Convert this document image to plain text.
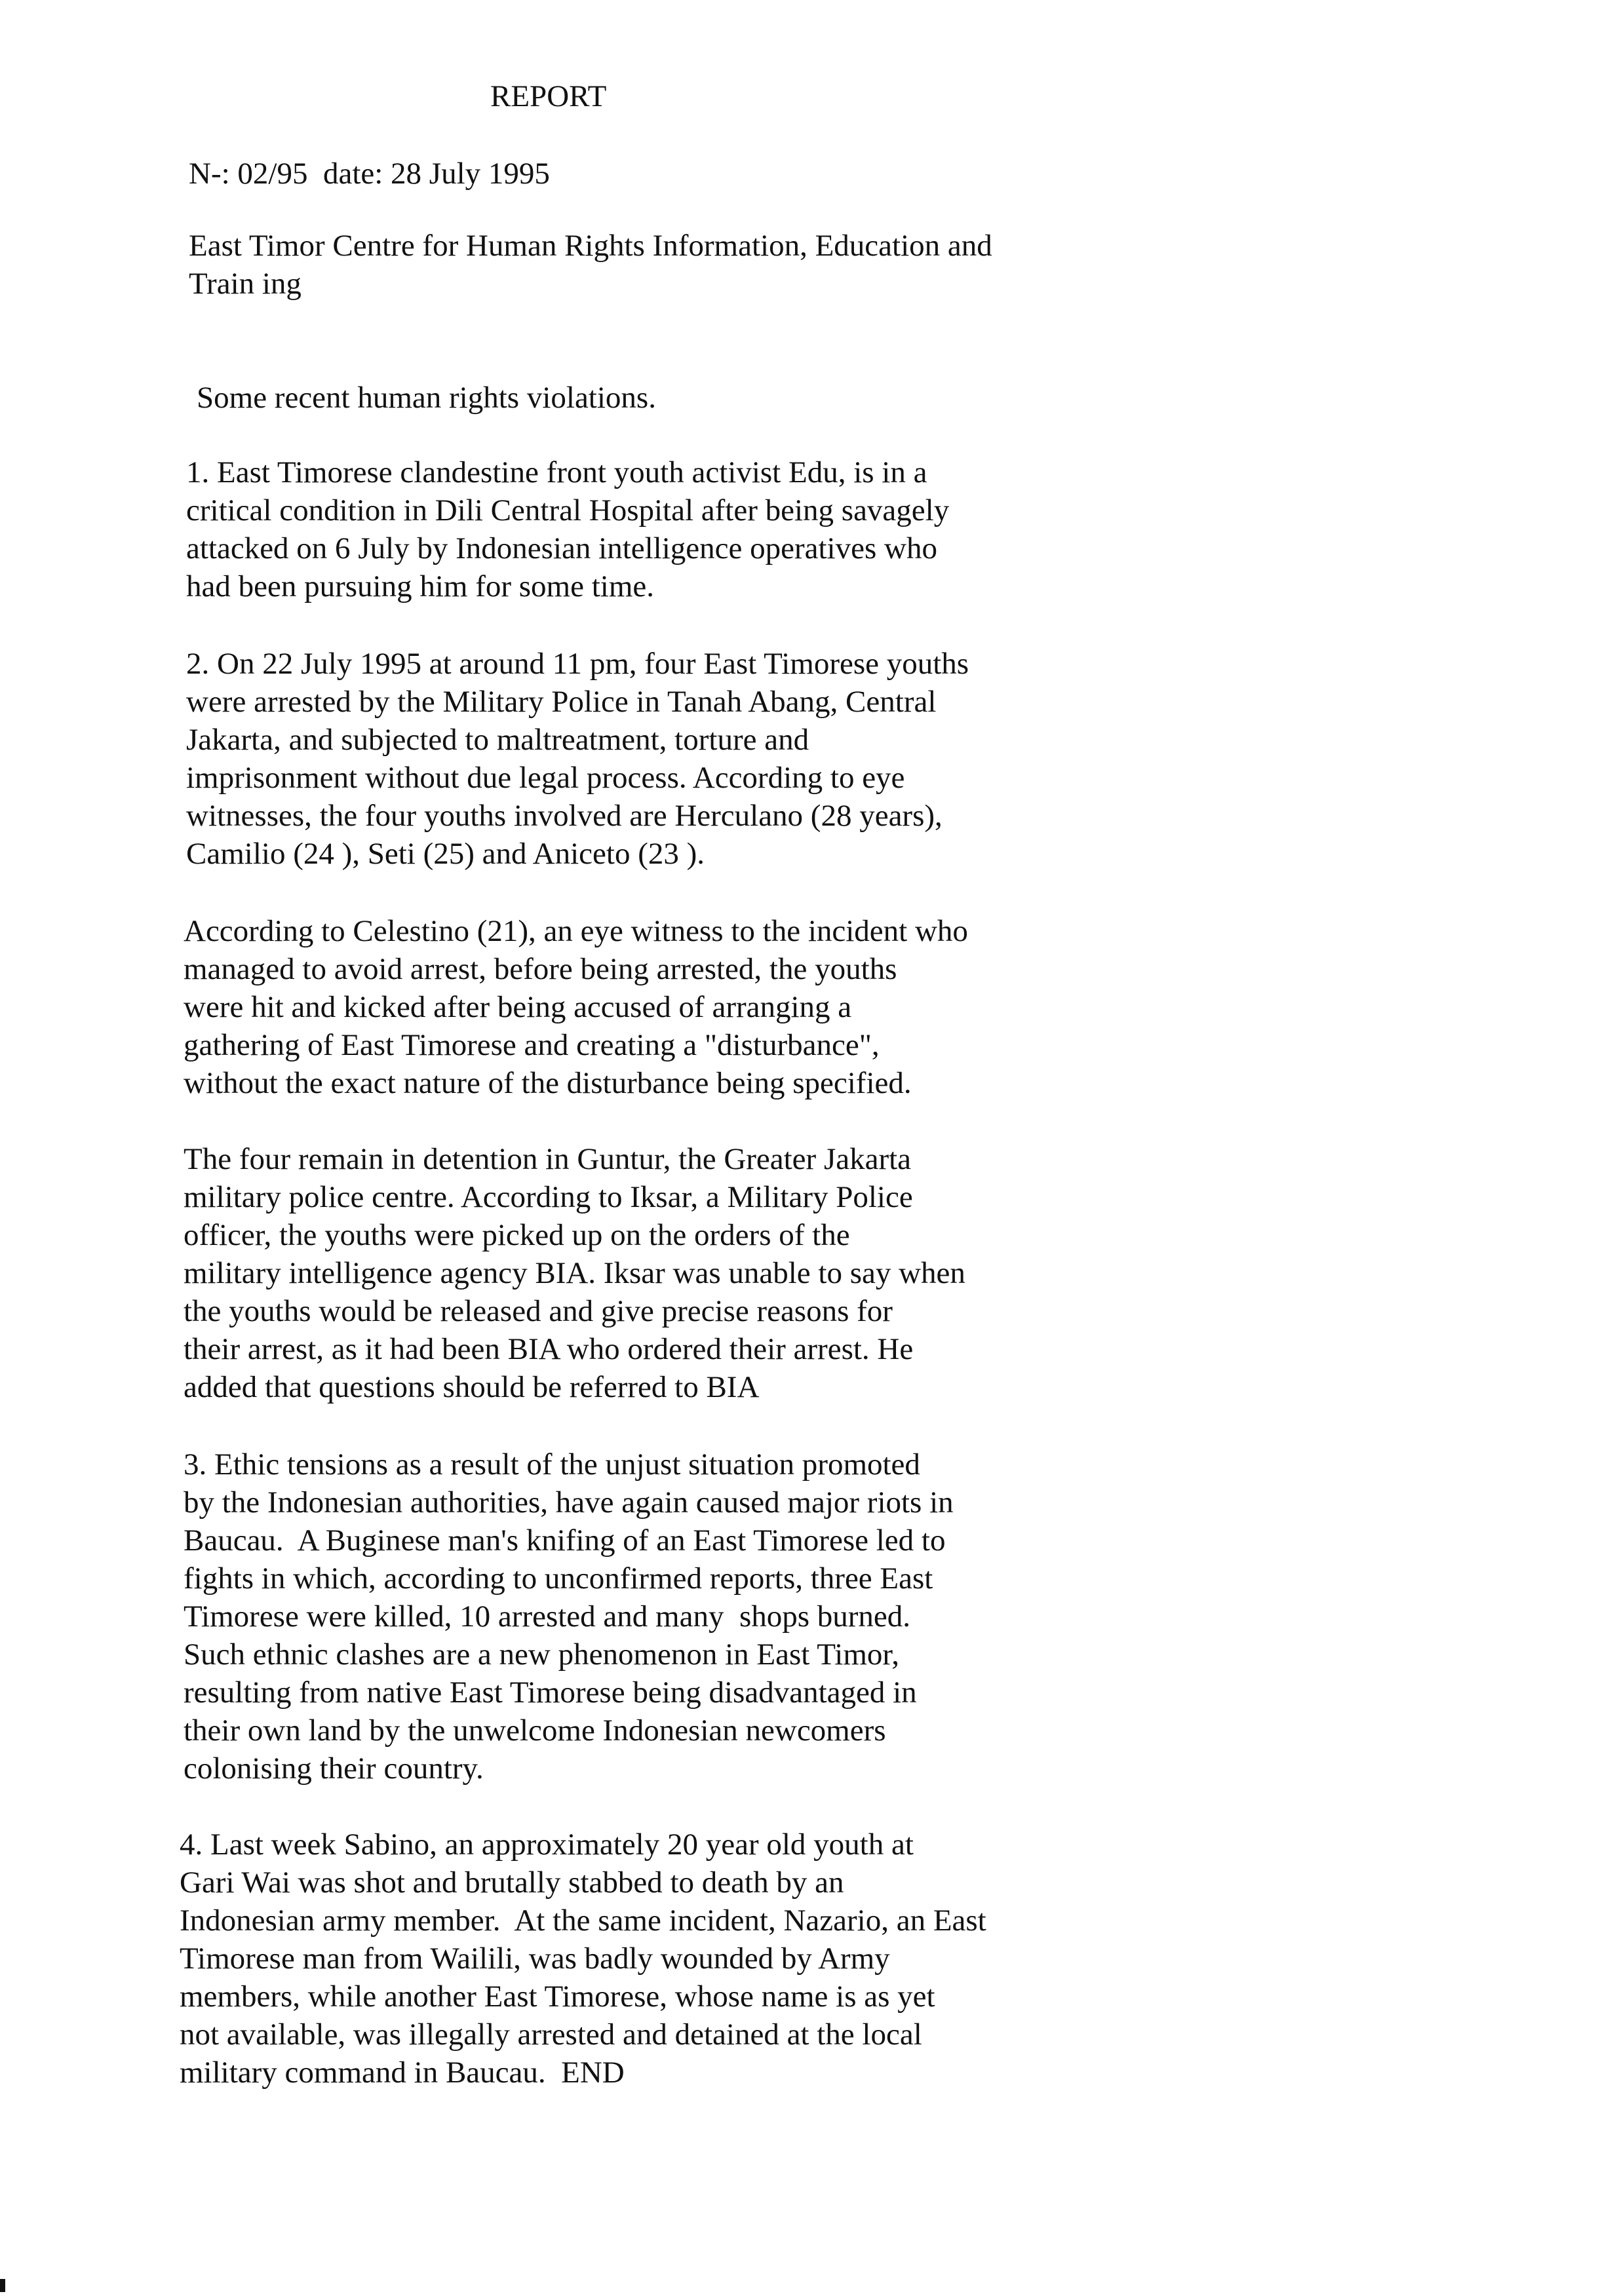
REPORT

N-: 02/95  date: 28 July 1995

East Timor Centre for Human Rights Information, Education and
Train ing

Some recent human rights violations.

1. East Timorese clandestine front youth activist Edu, is in a
critical condition in Dili Central Hospital after being savagely
attacked on 6 July by Indonesian intelligence operatives who
had been pursuing him for some time.

2. On 22 July 1995 at around 11 pm, four East Timorese youths
were arrested by the Military Police in Tanah Abang, Central
Jakarta, and subjected to maltreatment, torture and
imprisonment without due legal process. According to eye
witnesses, the four youths involved are Herculano (28 years),
Camilio (24 ), Seti (25) and Aniceto (23 ).

According to Celestino (21), an eye witness to the incident who
managed to avoid arrest, before being arrested, the youths
were hit and kicked after being accused of arranging a
gathering of East Timorese and creating a "disturbance",
without the exact nature of the disturbance being specified.

The four remain in detention in Guntur, the Greater Jakarta
military police centre. According to Iksar, a Military Police
officer, the youths were picked up on the orders of the
military intelligence agency BIA. Iksar was unable to say when
the youths would be released and give precise reasons for
their arrest, as it had been BIA who ordered their arrest. He
added that questions should be referred to BIA

3. Ethic tensions as a result of the unjust situation promoted
by the Indonesian authorities, have again caused major riots in
Baucau.  A Buginese man's knifing of an East Timorese led to
fights in which, according to unconfirmed reports, three East
Timorese were killed, 10 arrested and many  shops burned.
Such ethnic clashes are a new phenomenon in East Timor,
resulting from native East Timorese being disadvantaged in
their own land by the unwelcome Indonesian newcomers
colonising their country.

4. Last week Sabino, an approximately 20 year old youth at
Gari Wai was shot and brutally stabbed to death by an
Indonesian army member.  At the same incident, Nazario, an East
Timorese man from Wailili, was badly wounded by Army
members, while another East Timorese, whose name is as yet
not available, was illegally arrested and detained at the local
military command in Baucau.  END
